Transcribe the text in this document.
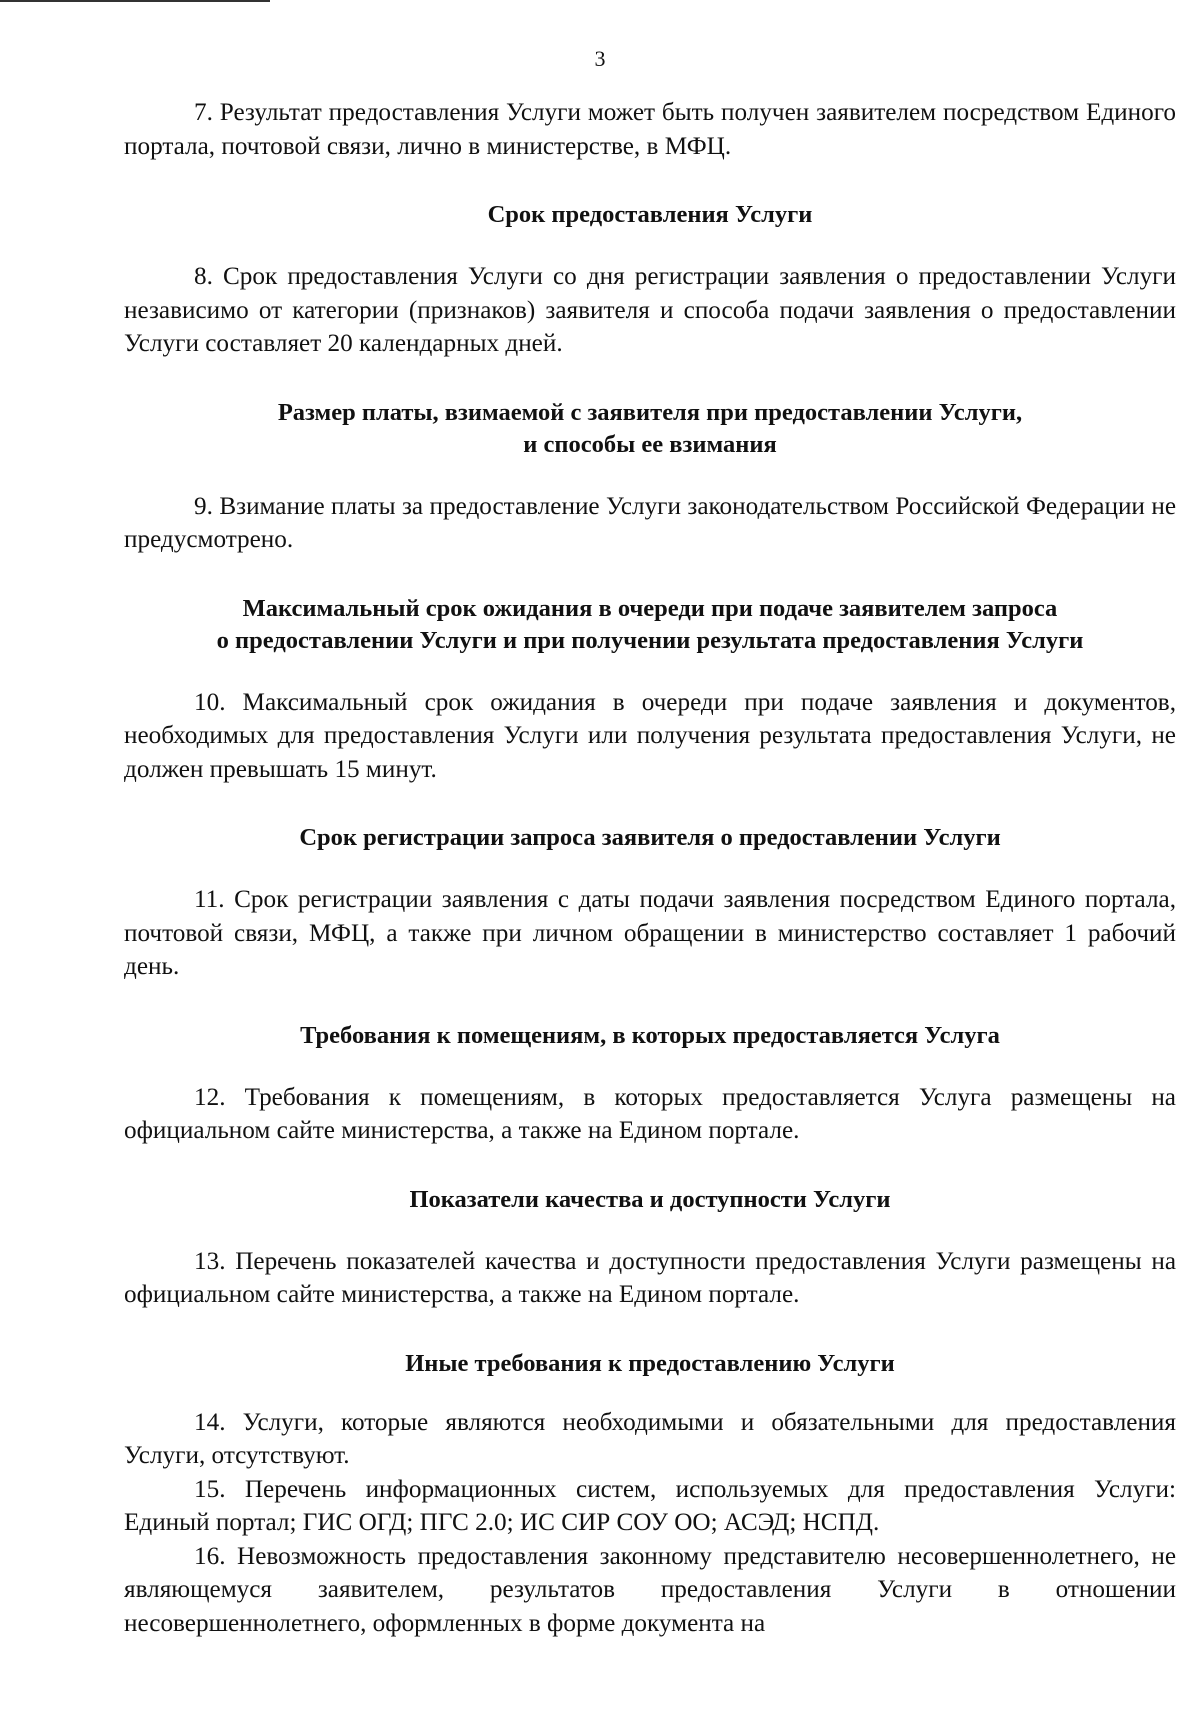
3

7. Результат предоставления Услуги может быть получен заявителем посредством Единого портала, почтовой связи, лично в министерстве, в МФЦ.

Срок предоставления Услуги

8. Срок предоставления Услуги со дня регистрации заявления о предоставлении Услуги независимо от категории (признаков) заявителя и способа подачи заявления о предоставлении Услуги составляет 20 календарных дней.

Размер платы, взимаемой с заявителя при предоставлении Услуги,

и способы ее взимания

9. Взимание платы за предоставление Услуги законодательством Российской Федерации не предусмотрено.

Максимальный срок ожидания в очереди при подаче заявителем запроса

о предоставлении Услуги и при получении результата предоставления Услуги

10. Максимальный срок ожидания в очереди при подаче заявления и документов, необходимых для предоставления Услуги или получения результата предоставления Услуги, не должен превышать 15 минут.

Срок регистрации запроса заявителя о предоставлении Услуги

11. Срок регистрации заявления с даты подачи заявления посредством Единого портала, почтовой связи, МФЦ, а также при личном обращении в министерство составляет 1 рабочий день.

Требования к помещениям, в которых предоставляется Услуга

12. Требования к помещениям, в которых предоставляется Услуга размещены на официальном сайте министерства, а также на Едином портале.

Показатели качества и доступности Услуги

13. Перечень показателей качества и доступности предоставления Услуги размещены на официальном сайте министерства, а также на Едином портале.

Иные требования к предоставлению Услуги

14. Услуги, которые являются необходимыми и обязательными для предоставления Услуги, отсутствуют.

15. Перечень информационных систем, используемых для предоставления Услуги: Единый портал; ГИС ОГД; ПГС 2.0; ИС СИР СОУ ОО; АСЭД; НСПД.

16. Невозможность предоставления законному представителю несовершеннолетнего, не являющемуся заявителем, результатов предоставления Услуги в отношении несовершеннолетнего, оформленных в форме документа на
